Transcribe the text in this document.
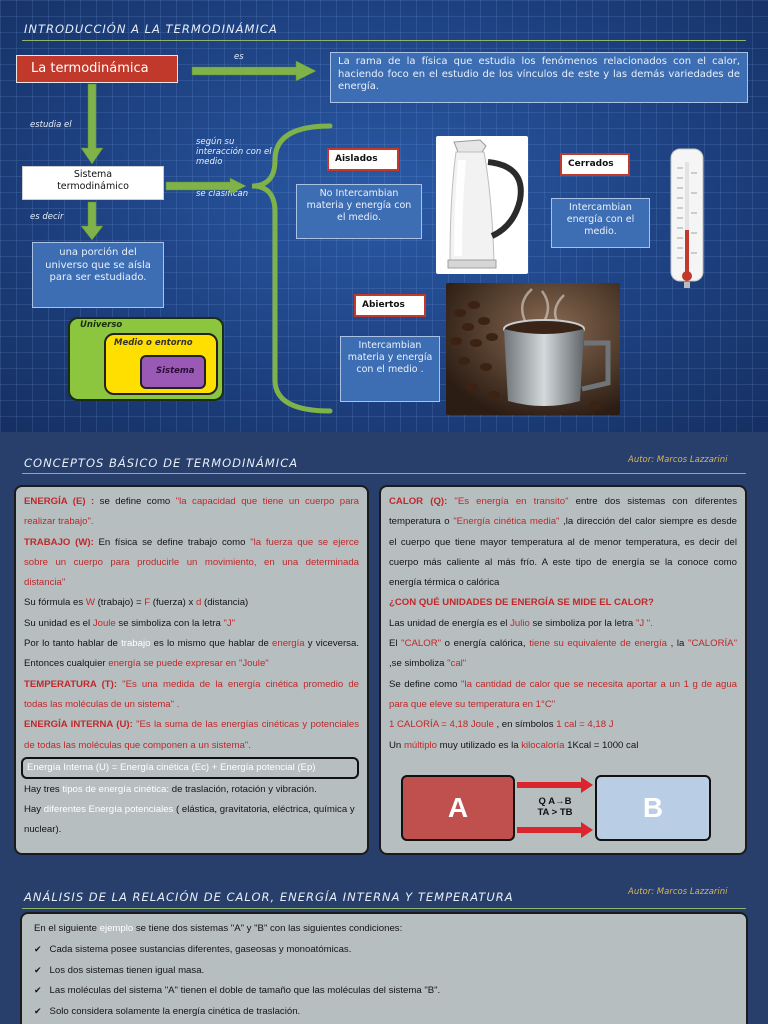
INTRODUCCIÓN A LA TERMODINÁMICA
La termodinámica
es	La rama de la física que estudia los fenómenos relacionados con el calor, haciendo foco en el estudio de los vínculos de este y las demás variedades de energía.
estudia el
Sistema termodinámico
es decir
una porción del universo que se aísla para ser estudiado.
según su interacción con el medio
se clasifican
Universo
Medio o entorno
Sistema
Aislados
No Intercambian materia y energía con el medio.
Cerrados
Intercambian energía con el medio.
Abiertos
Intercambian materia y energía con el medio .
CONCEPTOS BÁSICO DE TERMODINÁMICA	Autor: Marcos Lazzarini

ENERGÍA (E) : se define como "la capacidad que tiene un cuerpo para realizar trabajo".

TRABAJO (W): En física se define trabajo como "la fuerza que se ejerce sobre un cuerpo para producirle un movimiento, en una determinada distancia"

Su fórmula es W (trabajo) = F (fuerza) x d (distancia)

Su unidad es el Joule se simboliza con la letra "J"

Por lo tanto hablar de trabajo es lo mismo que hablar de energía y viceversa. Entonces cualquier energía se puede expresar en "Joule"

TEMPERATURA (T): "Es una medida de la energía cinética promedio de todas las moléculas de un sistema" .

ENERGÍA INTERNA (U): "Es la suma de las energías cinéticas y potenciales de todas las moléculas que componen a un sistema".

Energía Interna (U) = Energía cinética (Ec) + Energía potencial (Ep)

Hay tres tipos de energía cinética: de traslación, rotación y vibración.

Hay diferentes Energía potenciales ( elástica, gravitatoria, eléctrica, química y nuclear).

CALOR (Q): "Es energía en transito" entre dos sistemas con diferentes temperatura o "Energía cinética media" ,la dirección del calor siempre es desde el cuerpo que tiene mayor temperatura al de menor temperatura, es decir del cuerpo más caliente al más frío. A este tipo de energía se la conoce como energía térmica o calórica

¿CON QUÉ UNIDADES DE ENERGÍA SE MIDE EL CALOR?

Las unidad de energía es el Julio se simboliza por la letra "J ".

El "CALOR" o energía calórica, tiene su equivalente de energía , la "CALORÍA" ,se simboliza "cal"

Se define como "la cantidad de calor que se necesita aportar a un 1 g de agua para que eleve su temperatura en 1°C"

1 CALORÍA = 4,18 Joule , en símbolos 1 cal = 4,18 J

Un múltiplo muy utilizado es la kilocaloría 1Kcal = 1000 cal

A	B
Q A→B
TA > TB
ANÁLISIS DE LA RELACIÓN DE CALOR, ENERGÍA INTERNA Y TEMPERATURA	Autor: Marcos Lazzarini

En el siguiente ejemplo se tiene dos sistemas "A" y "B" con las siguientes condiciones:

✔ Cada sistema posee sustancias diferentes, gaseosas y monoatómicas.

✔ Los dos sistemas tienen igual masa.

✔ Las moléculas del sistema "A" tienen el doble de tamaño que las moléculas del sistema "B".

✔ Solo considera solamente la energía cinética de traslación.
